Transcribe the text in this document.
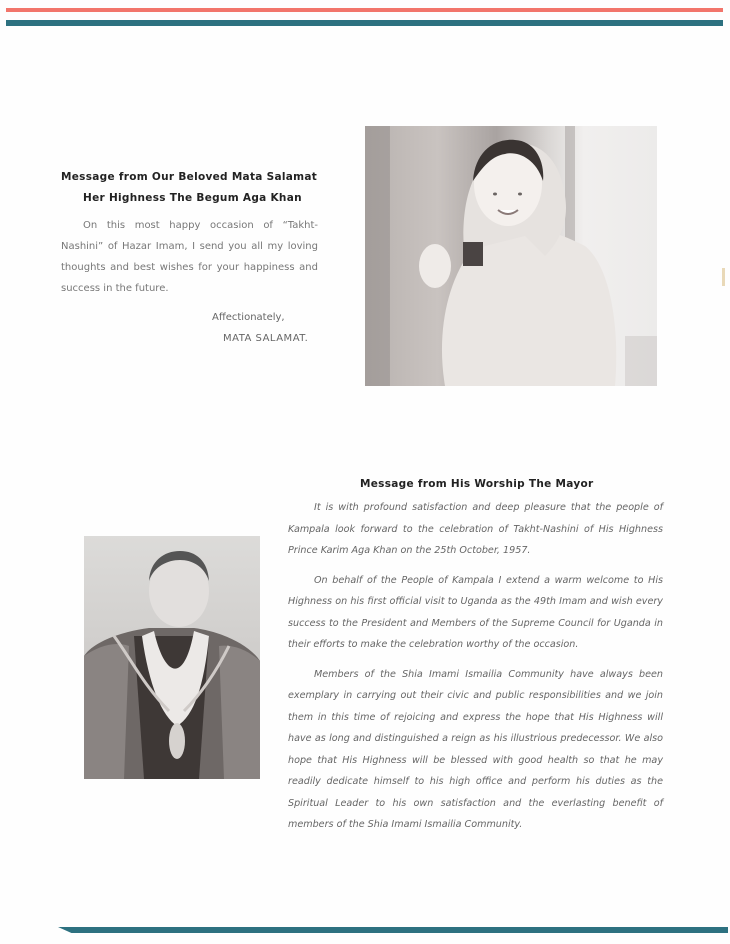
Message from Our Beloved Mata Salamat
Her Highness The Begum Aga Khan

On this most happy occasion of “Takht-Nashini” of Hazar Imam, I send you all my loving thoughts and best wishes for your happiness and success in the future.

Affectionately,
MATA SALAMAT.
Message from His Worship The Mayor

It is with profound satisfaction and deep pleasure that the people of Kampala look forward to the celebration of Takht-Nashini of His Highness Prince Karim Aga Khan on the 25th October, 1957.

On behalf of the People of Kampala I extend a warm welcome to His Highness on his first official visit to Uganda as the 49th Imam and wish every success to the President and Members of the Supreme Council for Uganda in their efforts to make the celebration worthy of the occasion.

Members of the Shia Imami Ismailia Community have always been exemplary in carrying out their civic and public responsibilities and we join them in this time of rejoicing and express the hope that His Highness will have as long and distinguished a reign as his illustrious predecessor. We also hope that His Highness will be blessed with good health so that he may readily dedicate himself to his high office and perform his duties as the Spiritual Leader to his own satisfaction and the everlasting benefit of members of the Shia Imami Ismailia Community.
